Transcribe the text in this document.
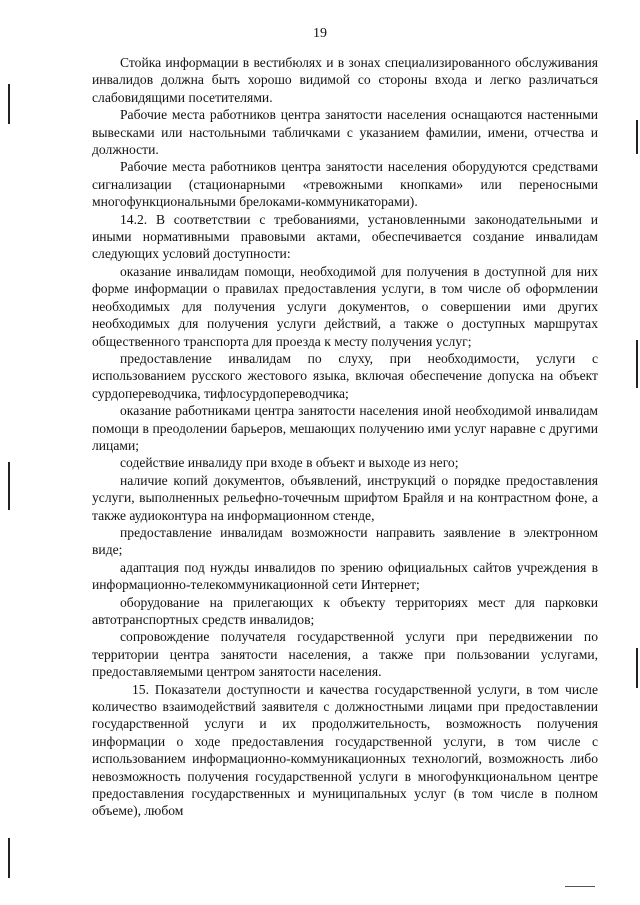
19

Стойка информации в вестибюлях и в зонах специализированного обслуживания инвалидов должна быть хорошо видимой со стороны входа и легко различаться слабовидящими посетителями.

Рабочие места работников центра занятости населения оснащаются настенными вывесками или настольными табличками с указанием фамилии, имени, отчества и должности.

Рабочие места работников центра занятости населения оборудуются средствами сигнализации (стационарными «тревожными кнопками» или переносными многофункциональными брелоками-коммуникаторами).

14.2. В соответствии с требованиями, установленными законодательными и иными нормативными правовыми актами, обеспечивается создание инвалидам следующих условий доступности:

оказание инвалидам помощи, необходимой для получения в доступной для них форме информации о правилах предоставления услуги, в том числе об оформлении необходимых для получения услуги документов, о совершении ими других необходимых для получения услуги действий, а также о доступных маршрутах общественного транспорта для проезда к месту получения услуг;

предоставление инвалидам по слуху, при необходимости, услуги с использованием русского жестового языка, включая обеспечение допуска на объект сурдопереводчика, тифлосурдопереводчика;

оказание работниками центра занятости населения иной необходимой инвалидам помощи в преодолении барьеров, мешающих получению ими услуг наравне с другими лицами;

содействие инвалиду при входе в объект и выходе из него;

наличие копий документов, объявлений, инструкций о порядке предоставления услуги, выполненных рельефно-точечным шрифтом Брайля и на контрастном фоне, а также аудиоконтура на информационном стенде,

предоставление инвалидам возможности направить заявление в электронном виде;

адаптация под нужды инвалидов по зрению официальных сайтов учреждения в информационно-телекоммуникационной сети Интернет;

оборудование на прилегающих к объекту территориях мест для парковки автотранспортных средств инвалидов;

сопровождение получателя государственной услуги при передвижении по территории центра занятости населения, а также при пользовании услугами, предоставляемыми центром занятости населения.

15. Показатели доступности и качества государственной услуги, в том числе количество взаимодействий заявителя с должностными лицами при предоставлении государственной услуги и их продолжительность, возможность получения информации о ходе предоставления государственной услуги, в том числе с использованием информационно-коммуникационных технологий, возможность либо невозможность получения государственной услуги в многофункциональном центре предоставления государственных и муниципальных услуг (в том числе в полном объеме), любом
